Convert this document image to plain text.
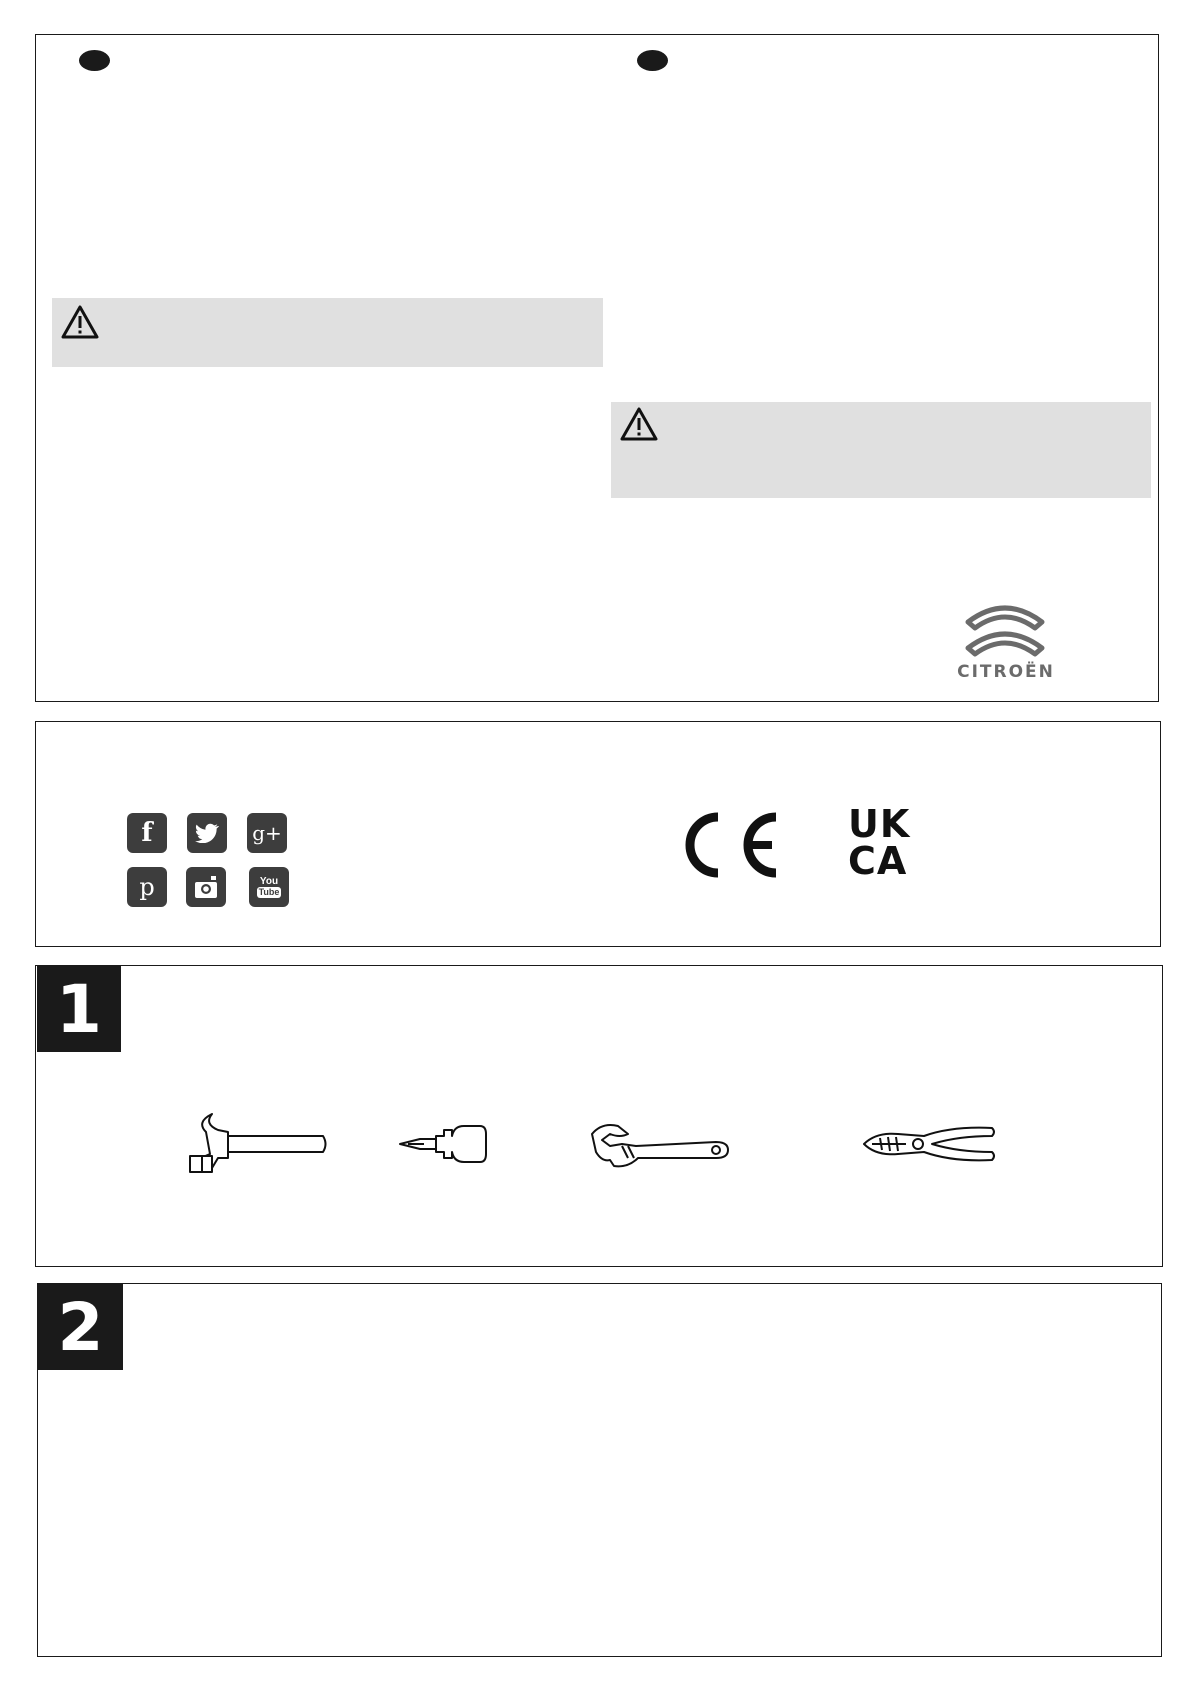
CITROËN
f	g+
p	You
Tube
UK
CA
1
2
